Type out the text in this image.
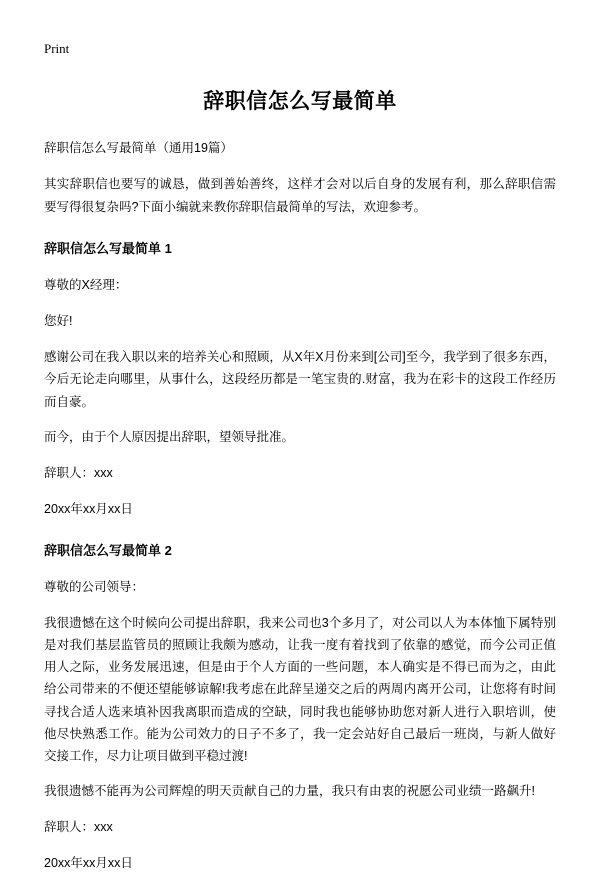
Print
辞职信怎么写最简单

辞职信怎么写最简单（通用19篇）

其实辞职信也要写的诚恳，做到善始善终，这样才会对以后自身的发展有利，那么辞职信需要写得很复杂吗?下面小编就来教你辞职信最简单的写法，欢迎参考。

辞职信怎么写最简单 1

尊敬的X经理：

您好!

感谢公司在我入职以来的培养关心和照顾，从X年X月份来到[公司]至今，我学到了很多东西，今后无论走向哪里，从事什么，这段经历都是一笔宝贵的.财富，我为在彩卡的这段工作经历而自豪。

而今，由于个人原因提出辞职，望领导批准。

辞职人：xxx

20xx年xx月xx日

辞职信怎么写最简单 2

尊敬的公司领导：

我很遗憾在这个时候向公司提出辞职，我来公司也3个多月了，对公司以人为本体恤下属特别是对我们基层监管员的照顾让我颇为感动，让我一度有着找到了依靠的感觉，而今公司正值用人之际，业务发展迅速，但是由于个人方面的一些问题，本人确实是不得已而为之，由此给公司带来的不便还望能够谅解!我考虑在此辞呈递交之后的两周内离开公司，让您将有时间寻找合适人选来填补因我离职而造成的空缺，同时我也能够协助您对新人进行入职培训，使他尽快熟悉工作。能为公司效力的日子不多了，我一定会站好自己最后一班岗，与新人做好交接工作，尽力让项目做到平稳过渡!

我很遗憾不能再为公司辉煌的明天贡献自己的力量，我只有由衷的祝愿公司业绩一路飙升!

辞职人：xxx

20xx年xx月xx日
